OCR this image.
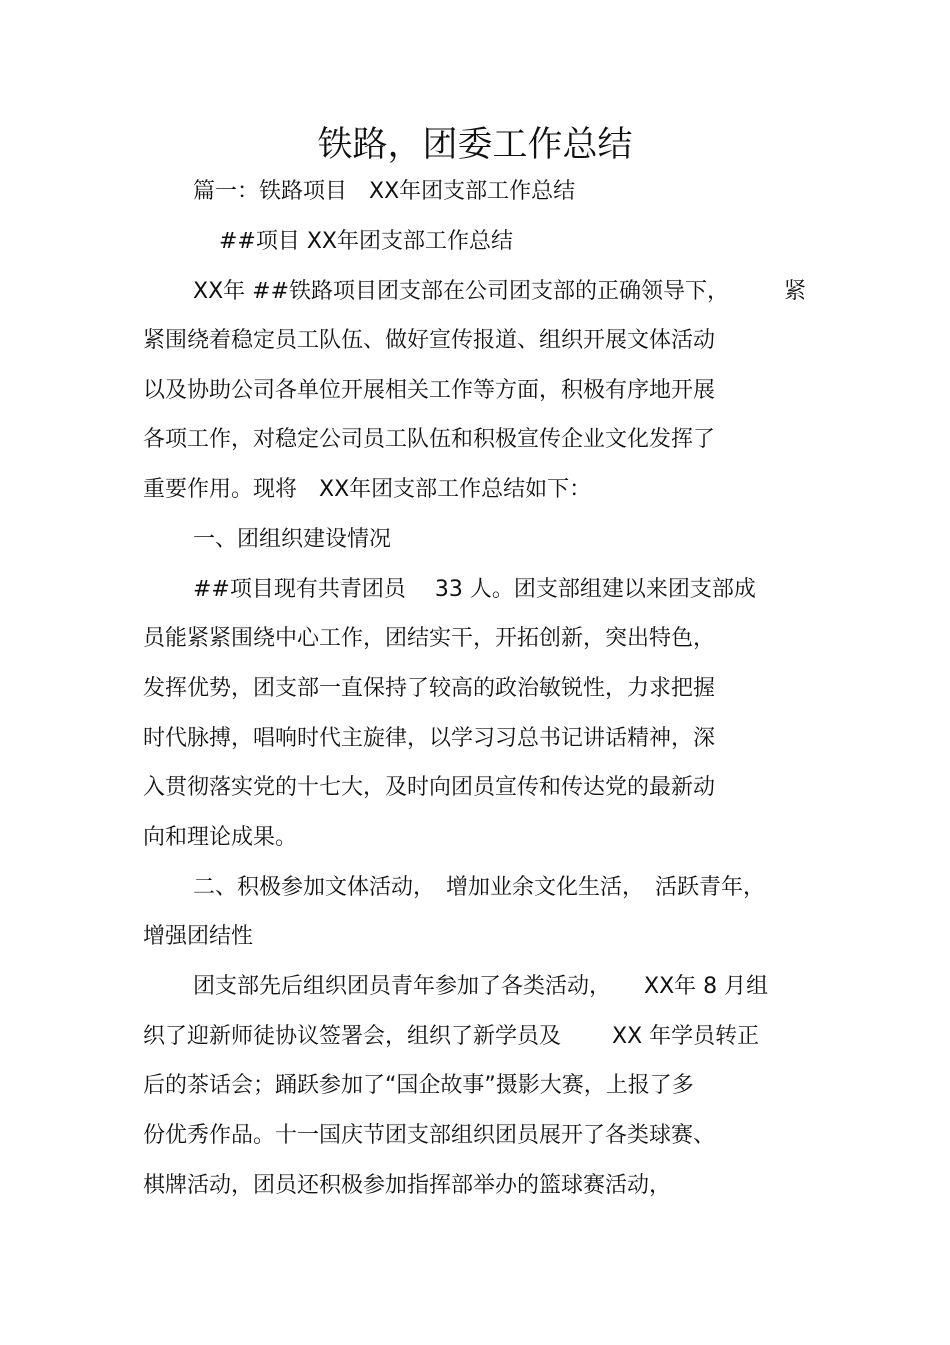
铁路，团委工作总结
篇一：铁路项目　XX年团支部工作总结
##项目 XX年团支部工作总结
XX年 ##铁路项目团支部在公司团支部的正确领导下，　　　紧
紧围绕着稳定员工队伍、做好宣传报道、组织开展文体活动
以及协助公司各单位开展相关工作等方面，积极有序地开展
各项工作，对稳定公司员工队伍和积极宣传企业文化发挥了
重要作用。现将　XX年团支部工作总结如下：
一、团组织建设情况
##项目现有共青团员　 33 人。团支部组建以来团支部成
员能紧紧围绕中心工作，团结实干，开拓创新，突出特色，
发挥优势，团支部一直保持了较高的政治敏锐性，力求把握
时代脉搏，唱响时代主旋律，以学习习总书记讲话精神，深
入贯彻落实党的十七大，及时向团员宣传和传达党的最新动
向和理论成果。
二、积极参加文体活动，　增加业余文化生活，　活跃青年，
增强团结性
团支部先后组织团员青年参加了各类活动，　　XX年 8 月组
织了迎新师徒协议签署会，组织了新学员及　　 XX 年学员转正
后的茶话会；踊跃参加了“国企故事”摄影大赛，上报了多
份优秀作品。十一国庆节团支部组织团员展开了各类球赛、
棋牌活动，团员还积极参加指挥部举办的篮球赛活动，
